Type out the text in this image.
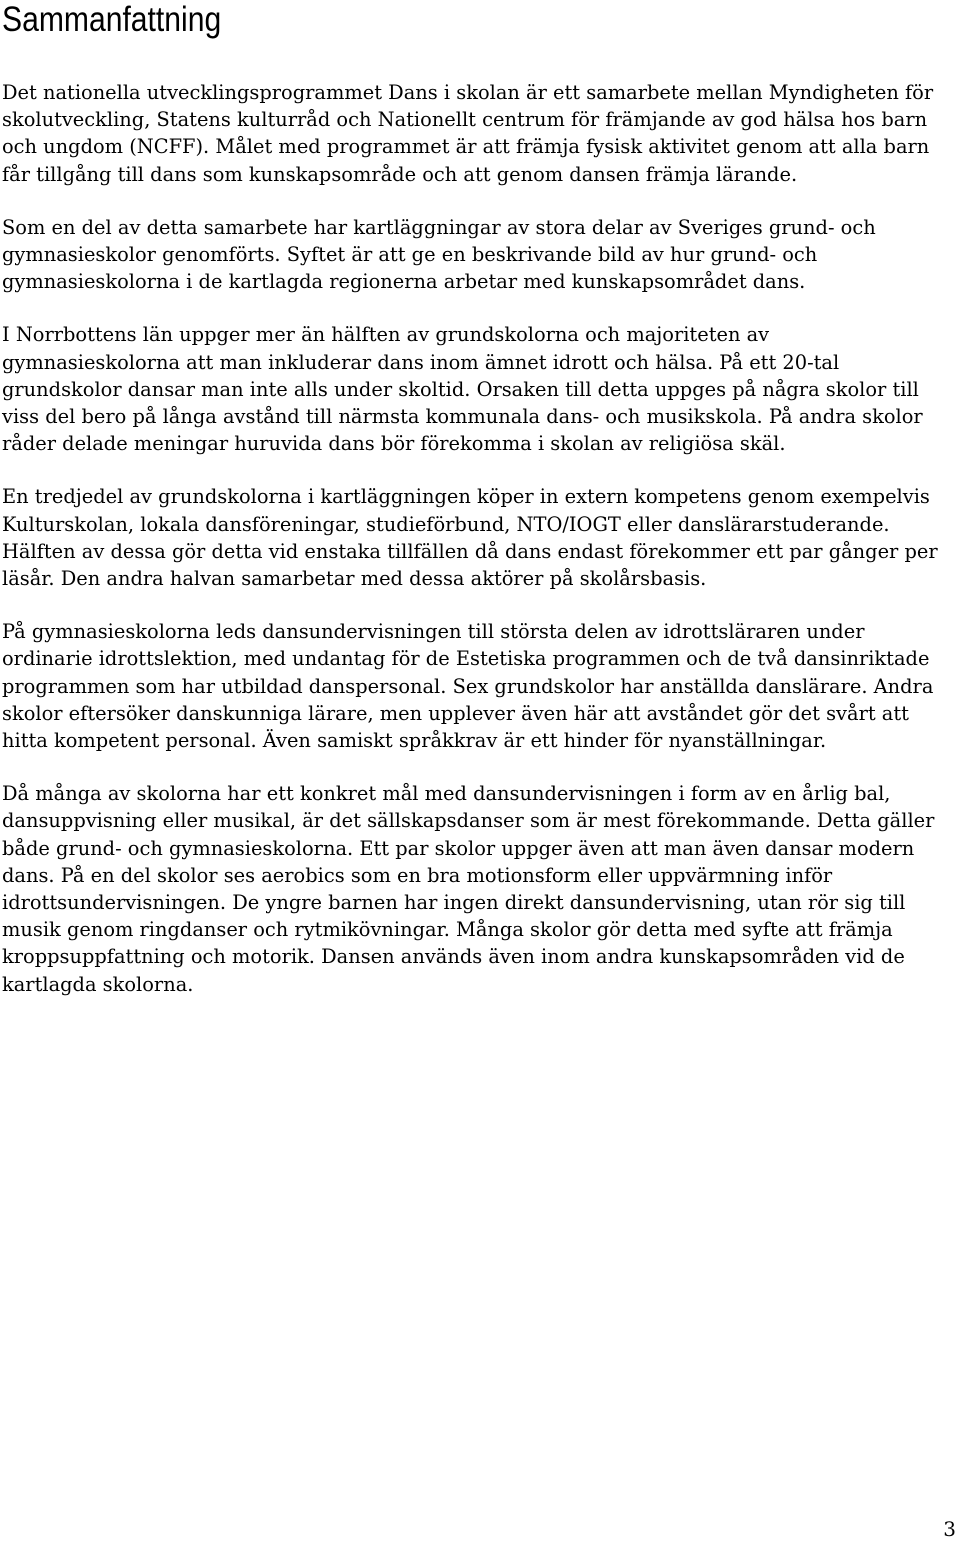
Sammanfattning

Det nationella utvecklingsprogrammet Dans i skolan är ett samarbete mellan Myndigheten för
skolutveckling, Statens kulturråd och Nationellt centrum för främjande av god hälsa hos barn
och ungdom (NCFF). Målet med programmet är att främja fysisk aktivitet genom att alla barn
får tillgång till dans som kunskapsområde och att genom dansen främja lärande.

Som en del av detta samarbete har kartläggningar av stora delar av Sveriges grund- och
gymnasieskolor genomförts. Syftet är att ge en beskrivande bild av hur grund- och
gymnasieskolorna i de kartlagda regionerna arbetar med kunskapsområdet dans.

I Norrbottens län uppger mer än hälften av grundskolorna och majoriteten av
gymnasieskolorna att man inkluderar dans inom ämnet idrott och hälsa. På ett 20-tal
grundskolor dansar man inte alls under skoltid. Orsaken till detta uppges på några skolor till
viss del bero på långa avstånd till närmsta kommunala dans- och musikskola. På andra skolor
råder delade meningar huruvida dans bör förekomma i skolan av religiösa skäl.

En tredjedel av grundskolorna i kartläggningen köper in extern kompetens genom exempelvis
Kulturskolan, lokala dansföreningar, studieförbund, NTO/IOGT eller danslärarstuderande.
Hälften av dessa gör detta vid enstaka tillfällen då dans endast förekommer ett par gånger per
läsår. Den andra halvan samarbetar med dessa aktörer på skolårsbasis.

På gymnasieskolorna leds dansundervisningen till största delen av idrottsläraren under
ordinarie idrottslektion, med undantag för de Estetiska programmen och de två dansinriktade
programmen som har utbildad danspersonal. Sex grundskolor har anställda danslärare. Andra
skolor eftersöker danskunniga lärare, men upplever även här att avståndet gör det svårt att
hitta kompetent personal. Även samiskt språkkrav är ett hinder för nyanställningar.

Då många av skolorna har ett konkret mål med dansundervisningen i form av en årlig bal,
dansuppvisning eller musikal, är det sällskapsdanser som är mest förekommande. Detta gäller
både grund- och gymnasieskolorna. Ett par skolor uppger även att man även dansar modern
dans. På en del skolor ses aerobics som en bra motionsform eller uppvärmning inför
idrottsundervisningen. De yngre barnen har ingen direkt dansundervisning, utan rör sig till
musik genom ringdanser och rytmikövningar. Många skolor gör detta med syfte att främja
kroppsuppfattning och motorik. Dansen används även inom andra kunskapsområden vid de
kartlagda skolorna.

3
